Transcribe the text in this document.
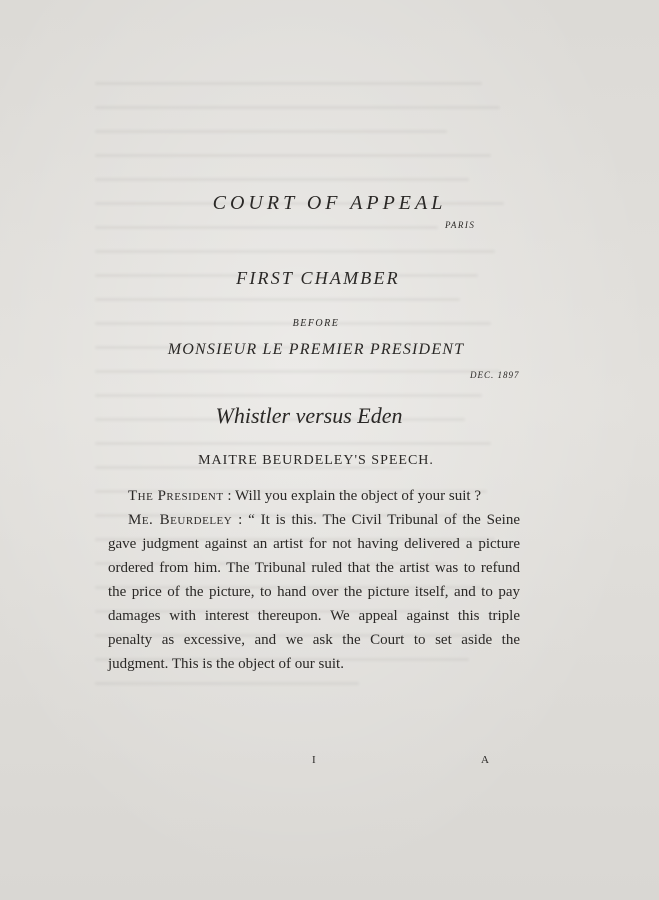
COURT OF APPEAL
PARIS
FIRST CHAMBER
BEFORE
MONSIEUR LE PREMIER PRESIDENT
DEC. 1897
Whistler versus Eden
MAITRE BEURDELEY'S SPEECH.

The President : Will you explain the object of your suit ?

Me. Beurdeley : “ It is this. The Civil Tribunal of the Seine gave judgment against an artist for not having delivered a picture ordered from him. The Tribunal ruled that the artist was to refund the price of the picture, to hand over the picture itself, and to pay damages with interest thereupon. We appeal against this triple penalty as excessive, and we ask the Court to set aside the judgment. This is the object of our suit.

I	A
